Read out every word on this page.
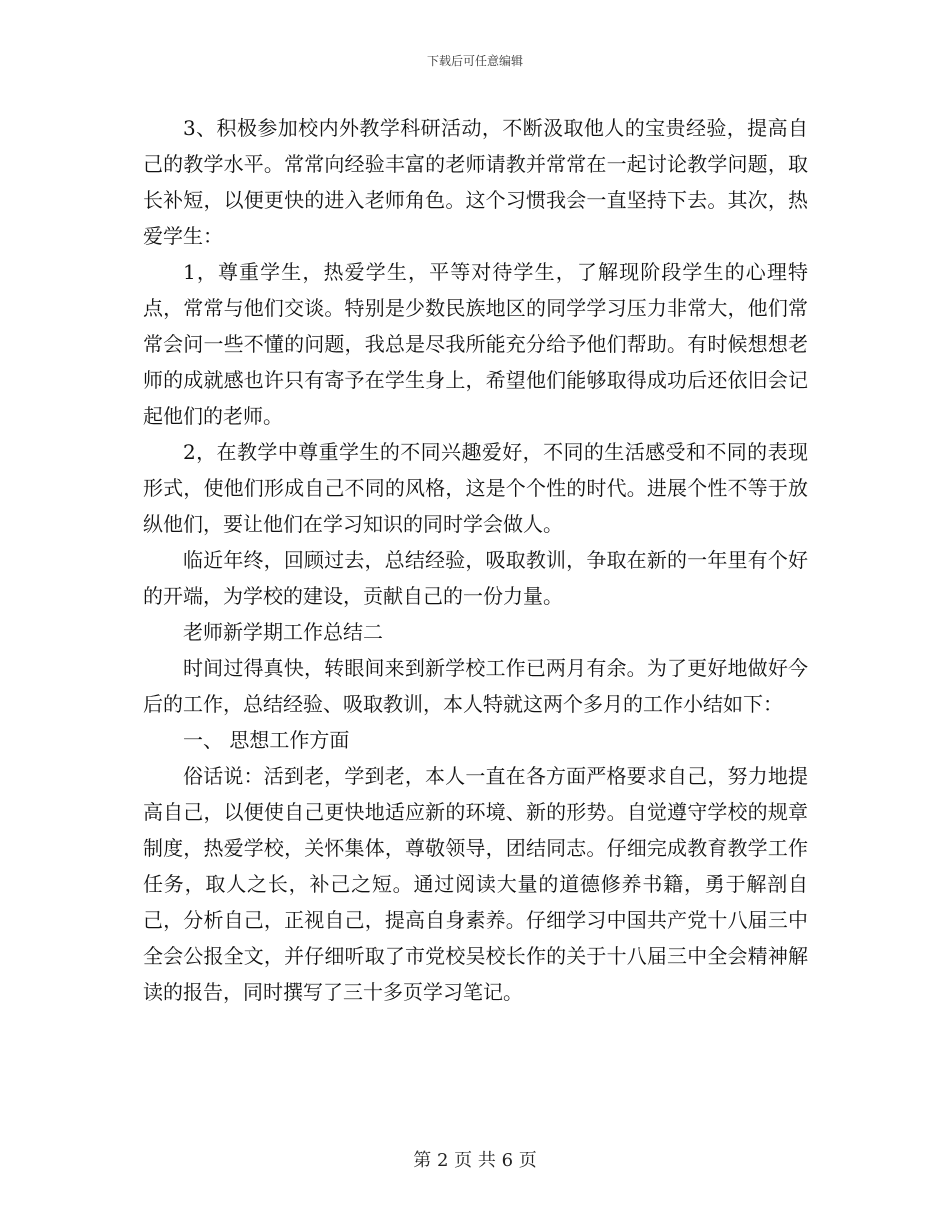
下载后可任意编辑

3、积极参加校内外教学科研活动，不断汲取他人的宝贵经验，提高自己的教学水平。常常向经验丰富的老师请教并常常在一起讨论教学问题，取长补短，以便更快的进入老师角色。这个习惯我会一直坚持下去。其次，热爱学生：

1，尊重学生，热爱学生，平等对待学生，了解现阶段学生的心理特点，常常与他们交谈。特别是少数民族地区的同学学习压力非常大，他们常常会问一些不懂的问题，我总是尽我所能充分给予他们帮助。有时候想想老师的成就感也许只有寄予在学生身上，希望他们能够取得成功后还依旧会记起他们的老师。

2，在教学中尊重学生的不同兴趣爱好，不同的生活感受和不同的表现形式，使他们形成自己不同的风格，这是个个性的时代。进展个性不等于放纵他们，要让他们在学习知识的同时学会做人。

临近年终，回顾过去，总结经验，吸取教训，争取在新的一年里有个好的开端，为学校的建设，贡献自己的一份力量。

老师新学期工作总结二

时间过得真快，转眼间来到新学校工作已两月有余。为了更好地做好今后的工作，总结经验、吸取教训，本人特就这两个多月的工作小结如下：

一、 思想工作方面

俗话说：活到老，学到老，本人一直在各方面严格要求自己，努力地提高自己，以便使自己更快地适应新的环境、新的形势。自觉遵守学校的规章制度，热爱学校，关怀集体，尊敬领导，团结同志。仔细完成教育教学工作任务，取人之长，补己之短。通过阅读大量的道德修养书籍，勇于解剖自己，分析自己，正视自己，提高自身素养。仔细学习中国共产党十八届三中全会公报全文，并仔细听取了市党校吴校长作的关于十八届三中全会精神解读的报告，同时撰写了三十多页学习笔记。

第 2 页 共 6 页
